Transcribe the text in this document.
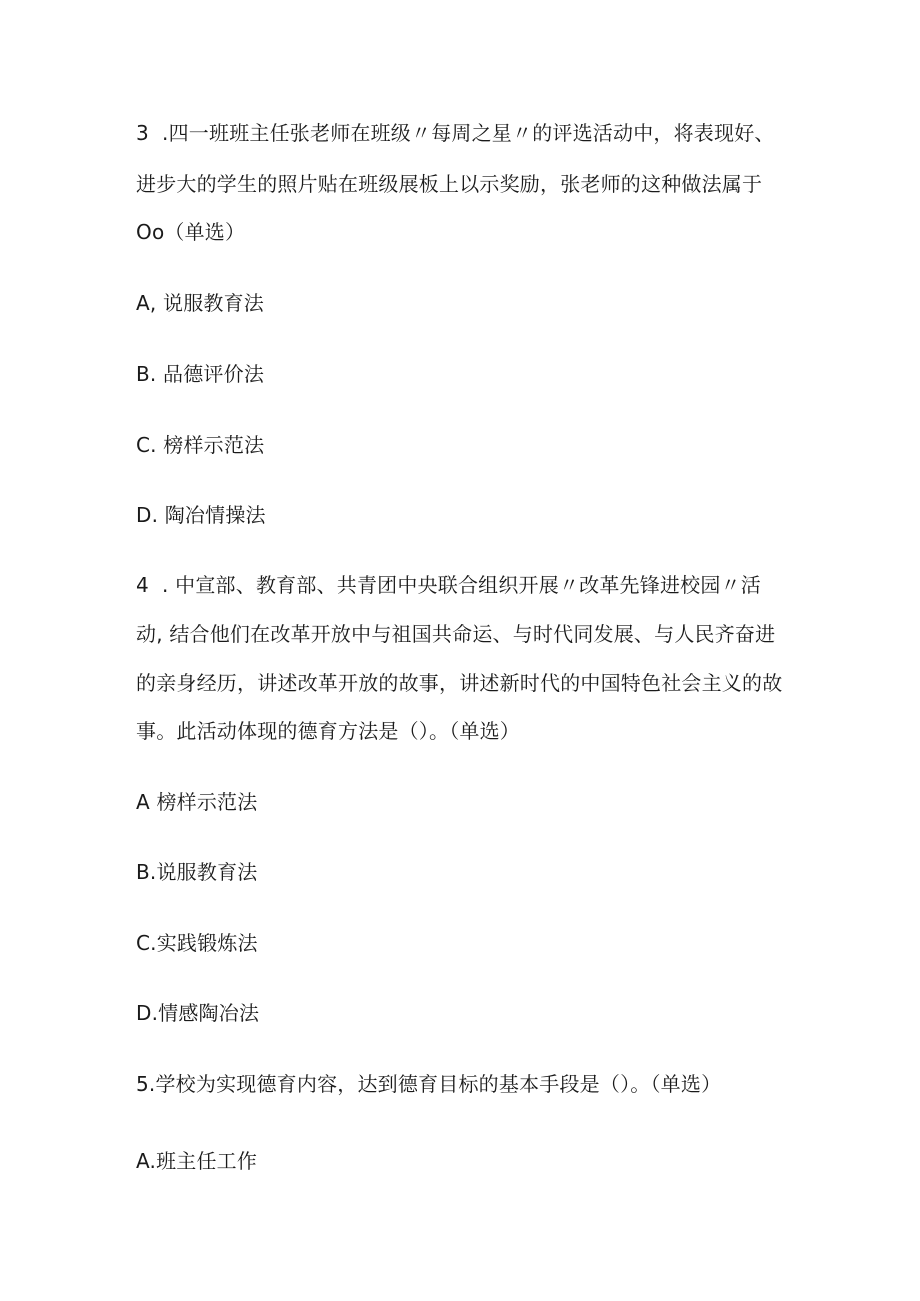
3  .四一班班主任张老师在班级〃每周之星〃的评选活动中，将表现好、
进步大的学生的照片贴在班级展板上以示奖励，张老师的这种做法属于
Oo（单选）
A, 说服教育法
B. 品德评价法
C. 榜样示范法
D. 陶冶情操法
4  . 中宣部、教育部、共青团中央联合组织开展〃改革先锋进校园〃活
动, 结合他们在改革开放中与祖国共命运、与时代同发展、与人民齐奋进
的亲身经历，讲述改革开放的故事，讲述新时代的中国特色社会主义的故
事。此活动体现的德育方法是（）。（单选）
A 榜样示范法
B.说服教育法
C.实践锻炼法
D.情感陶冶法
5.学校为实现德育内容，达到德育目标的基本手段是（）。（单选）
A.班主任工作
